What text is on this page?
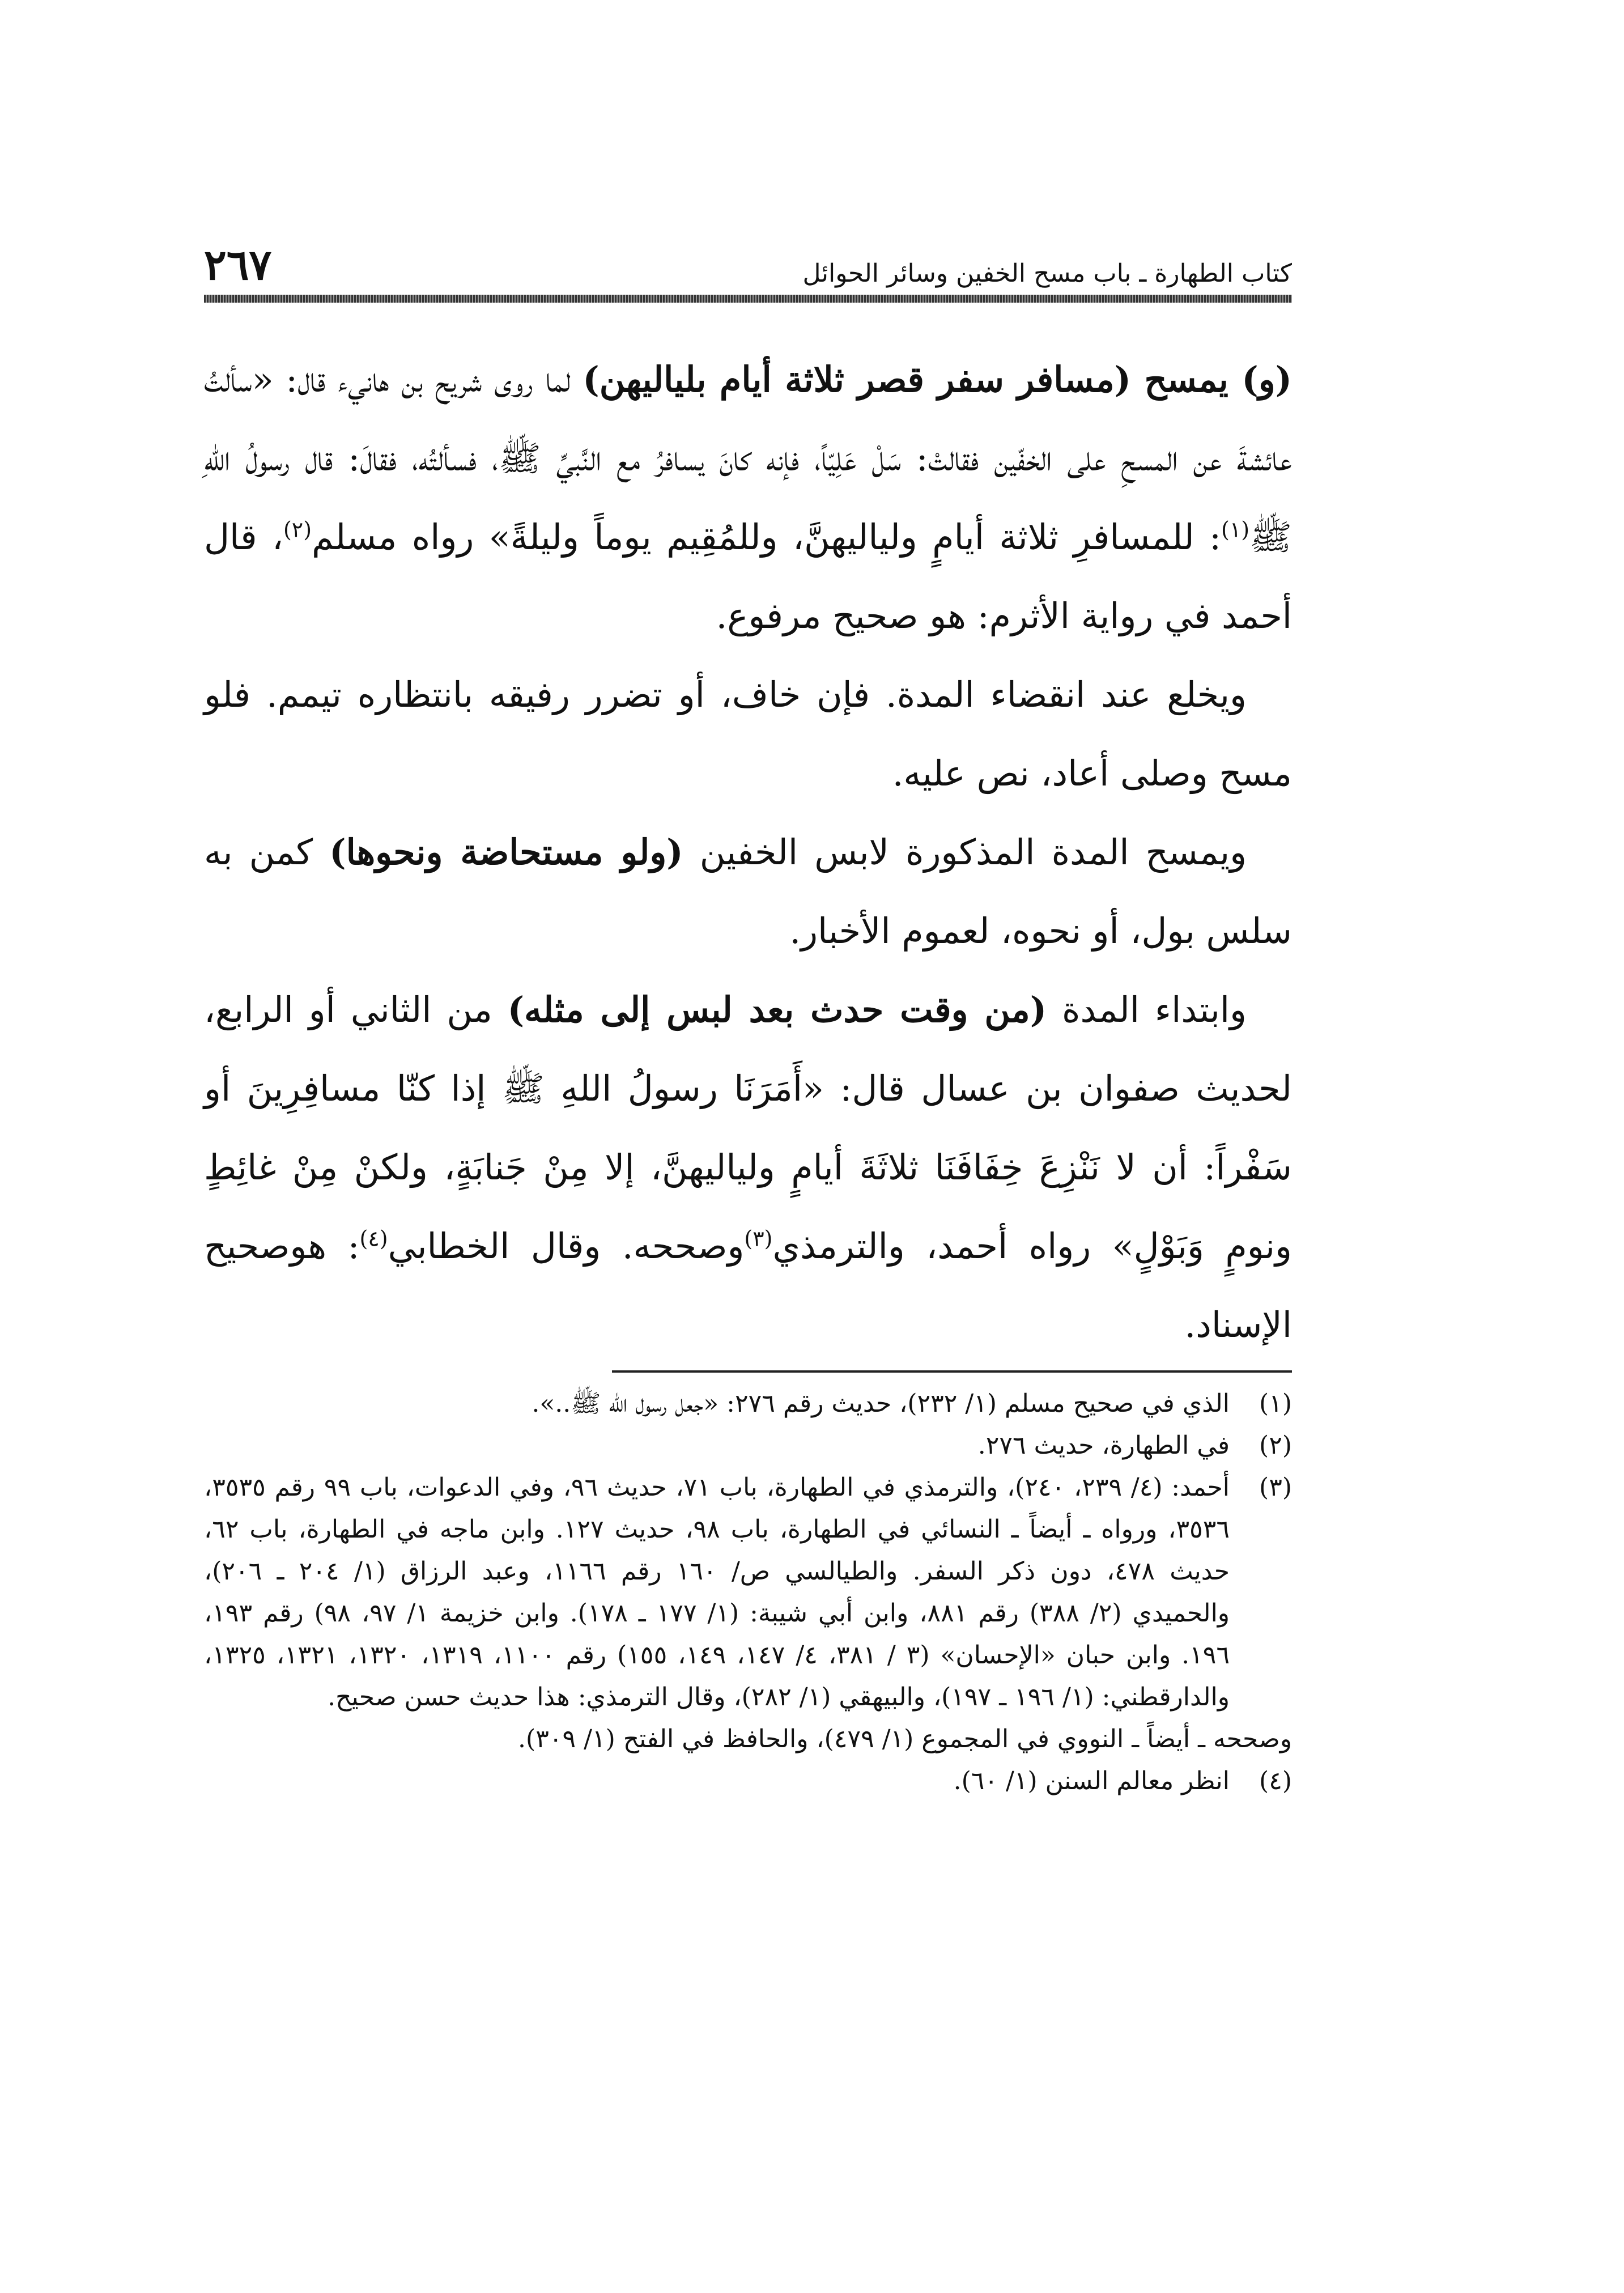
٢٦٧	كتاب الطهارة ـ باب مسح الخفين وسائر الحوائل

(و) يمسح (مسافر سفر قصر ثلاثة أيام بلياليهن) لما روى شريح بن هانيء قال: «سألتُ عائشةَ عن المسحِ على الخفّين فقالتْ: سَلْ عَلِيّاً، فإنه كانَ يسافرُ مع النَّبيِّ ﷺ، فسألتُه، فقالَ: قال رسولُ اللهِ ﷺ$^{(١)}$: للمسافرِ ثلاثة أيامٍ ولياليهنَّ، وللمُقِيم يوماً وليلةً» رواه مسلم$^{(٢)}$، قال أحمد في رواية الأثرم: هو صحيح مرفوع.

ويخلع عند انقضاء المدة. فإن خاف، أو تضرر رفيقه بانتظاره تيمم. فلو مسح وصلى أعاد، نص عليه.

ويمسح المدة المذكورة لابس الخفين (ولو مستحاضة ونحوها) كمن به سلس بول، أو نحوه، لعموم الأخبار.

وابتداء المدة (من وقت حدث بعد لبس إلى مثله) من الثاني أو الرابع، لحديث صفوان بن عسال قال: «أَمَرَنَا رسولُ اللهِ ﷺ إذا كنّا مسافِرِينَ أو سَفْراً: أن لا نَنْزِعَ خِفَافَنَا ثلاثَةَ أيامٍ ولياليهنَّ، إلا مِنْ جَنابَةٍ، ولكنْ مِنْ غائِطٍ ونومٍ وَبَوْلٍ» رواه أحمد، والترمذي$^{(٣)}$وصححه. وقال الخطابي$^{(٤)}$: هوصحيح الإسناد.

(١)
الذي في صحيح مسلم (١/ ٢٣٢)، حديث رقم ٢٧٦: «جعل رسول الله ﷺ..».
(٢)
في الطهارة، حديث ٢٧٦.
(٣)
أحمد: (٤/ ٢٣٩، ٢٤٠)، والترمذي في الطهارة، باب ٧١، حديث ٩٦، وفي الدعوات، باب ٩٩ رقم ٣٥٣٥، ٣٥٣٦، ورواه ـ أيضاً ـ النسائي في الطهارة، باب ٩٨، حديث ١٢٧. وابن ماجه في الطهارة، باب ٦٢، حديث ٤٧٨، دون ذكر السفر. والطيالسي ص/ ١٦٠ رقم ١١٦٦، وعبد الرزاق (١/ ٢٠٤ ـ ٢٠٦)، والحميدي (٢/ ٣٨٨) رقم ٨٨١، وابن أبي شيبة: (١/ ١٧٧ ـ ١٧٨). وابن خزيمة ١/ ٩٧، ٩٨) رقم ١٩٣، ١٩٦. وابن حبان «الإحسان» (٣ / ٣٨١، ٤/ ١٤٧، ١٤٩، ١٥٥) رقم ١١٠٠، ١٣١٩، ١٣٢٠، ١٣٢١، ١٣٢٥، والدارقطني: (١/ ١٩٦ ـ ١٩٧)، والبيهقي (١/ ٢٨٢)، وقال الترمذي: هذا حديث حسن صحيح.
وصححه ـ أيضاً ـ النووي في المجموع (١/ ٤٧٩)، والحافظ في الفتح (١/ ٣٠٩).
(٤)
انظر معالم السنن (١/ ٦٠).
